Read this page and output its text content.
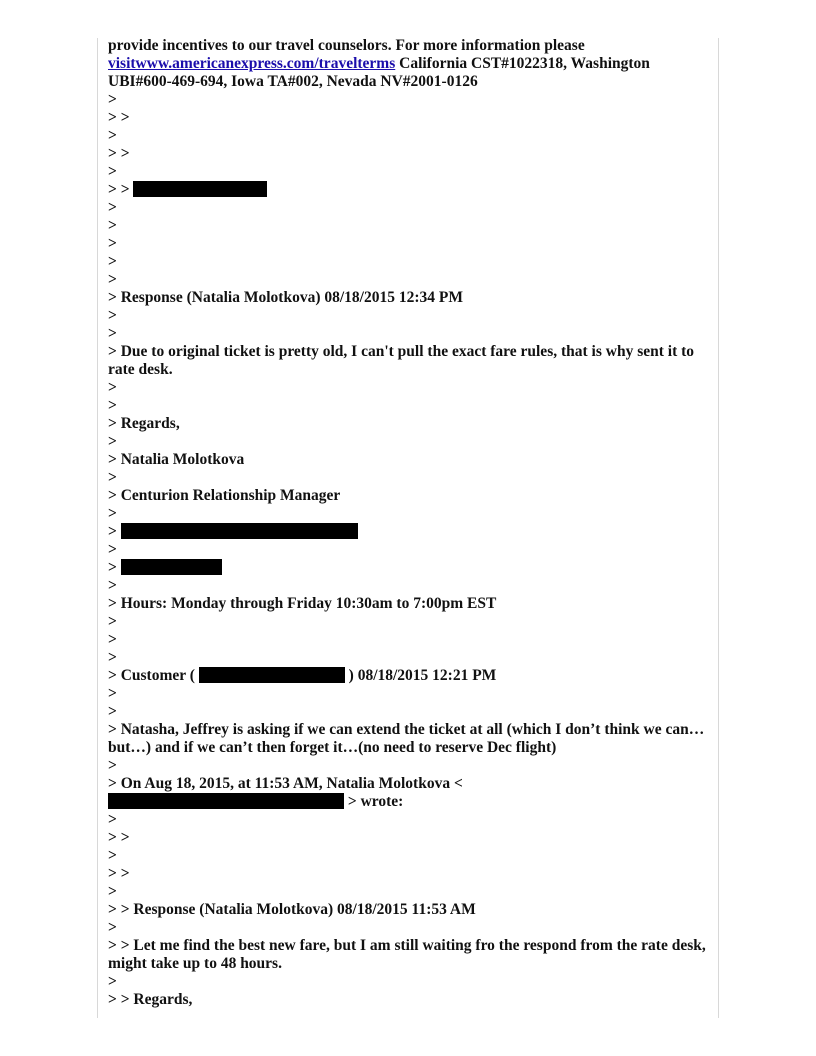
provide incentives to our travel counselors. For more information please
visitwww.americanexpress.com/travelterms California CST#1022318, Washington
UBI#600-469-694, Iowa TA#002, Nevada NV#2001-0126
>
> >
>
> >
>
> >
>
>
>
>
>
> Response (Natalia Molotkova) 08/18/2015 12:34 PM
>
>
> Due to original ticket is pretty old, I can't pull the exact fare rules, that is why sent it to rate desk.
>
>
> Regards,
>
> Natalia Molotkova
>
> Centurion Relationship Manager
>
>
>
>
>
> Hours: Monday through Friday 10:30am to 7:00pm EST
>
>
>
> Customer (	) 08/18/2015 12:21 PM
>
>
> Natasha, Jeffrey is asking if we can extend the ticket at all (which I don’t think we can…but…) and if we can’t then forget it…(no need to reserve Dec flight)
>
> On Aug 18, 2015, at 11:53 AM, Natalia Molotkova <
> wrote:
>
> >
>
> >
>
> > Response (Natalia Molotkova) 08/18/2015 11:53 AM
>
> > Let me find the best new fare, but I am still waiting fro the respond from the rate desk, might take up to 48 hours.
>
> > Regards,
